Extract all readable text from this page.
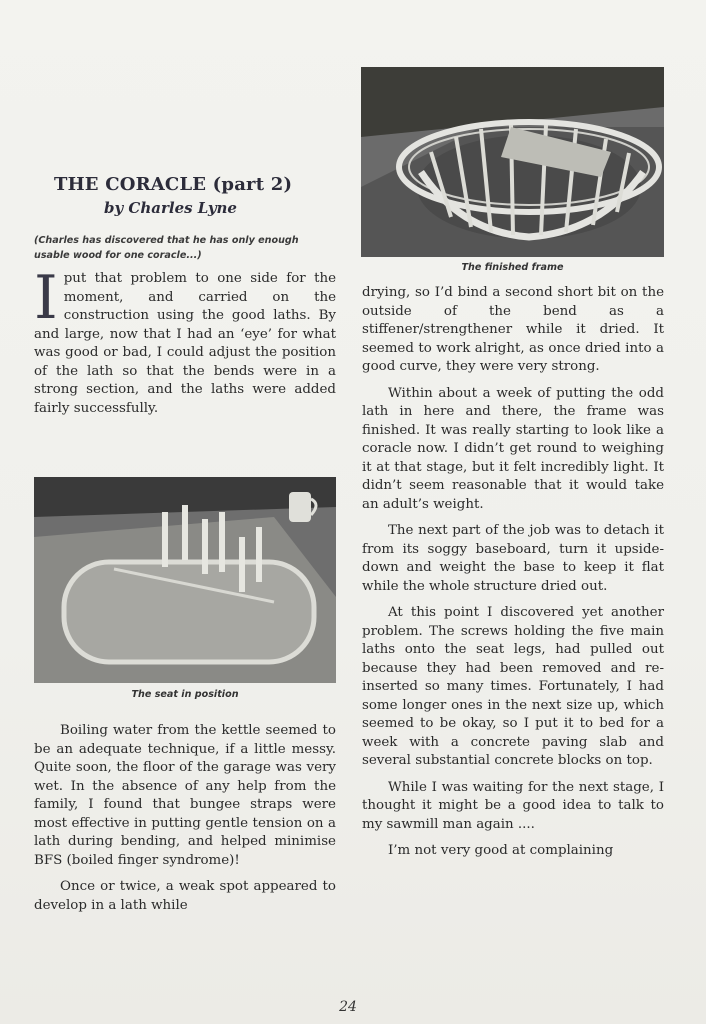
The finished frame
THE CORACLE (part 2)
by Charles Lyne
(Charles has discovered that he has only enough usable wood for one coracle...)

Iput that problem to one side for the moment, and carried on the construction using the good laths. By and large, now that I had an ‘eye’ for what was good or bad, I could adjust the position of the lath so that the bends were in a strong section, and the laths were added fairly successfully.

The seat in position

Boiling water from the kettle seemed to be an adequate technique, if a little messy. Quite soon, the floor of the garage was very wet. In the absence of any help from the family, I found that bungee straps were most effective in putting gentle tension on a lath during bending, and helped minimise BFS (boiled finger syndrome)!

Once or twice, a weak spot appeared to develop in a lath while

drying, so I’d bind a second short bit on the outside of the bend as a stiffener/strengthener while it dried. It seemed to work alright, as once dried into a good curve, they were very strong.

Within about a week of putting the odd lath in here and there, the frame was finished. It was really starting to look like a coracle now. I didn’t get round to weighing it at that stage, but it felt incredibly light. It didn’t seem reasonable that it would take an adult’s weight.

The next part of the job was to detach it from its soggy baseboard, turn it upside-down and weight the base to keep it flat while the whole structure dried out.

At this point I discovered yet another problem. The screws holding the five main laths onto the seat legs, had pulled out because they had been removed and re-inserted so many times. Fortunately, I had some longer ones in the next size up, which seemed to be okay, so I put it to bed for a week with a concrete paving slab and several substantial concrete blocks on top.

While I was waiting for the next stage, I thought it might be a good idea to talk to my sawmill man again ....

I’m not very good at complaining

24
